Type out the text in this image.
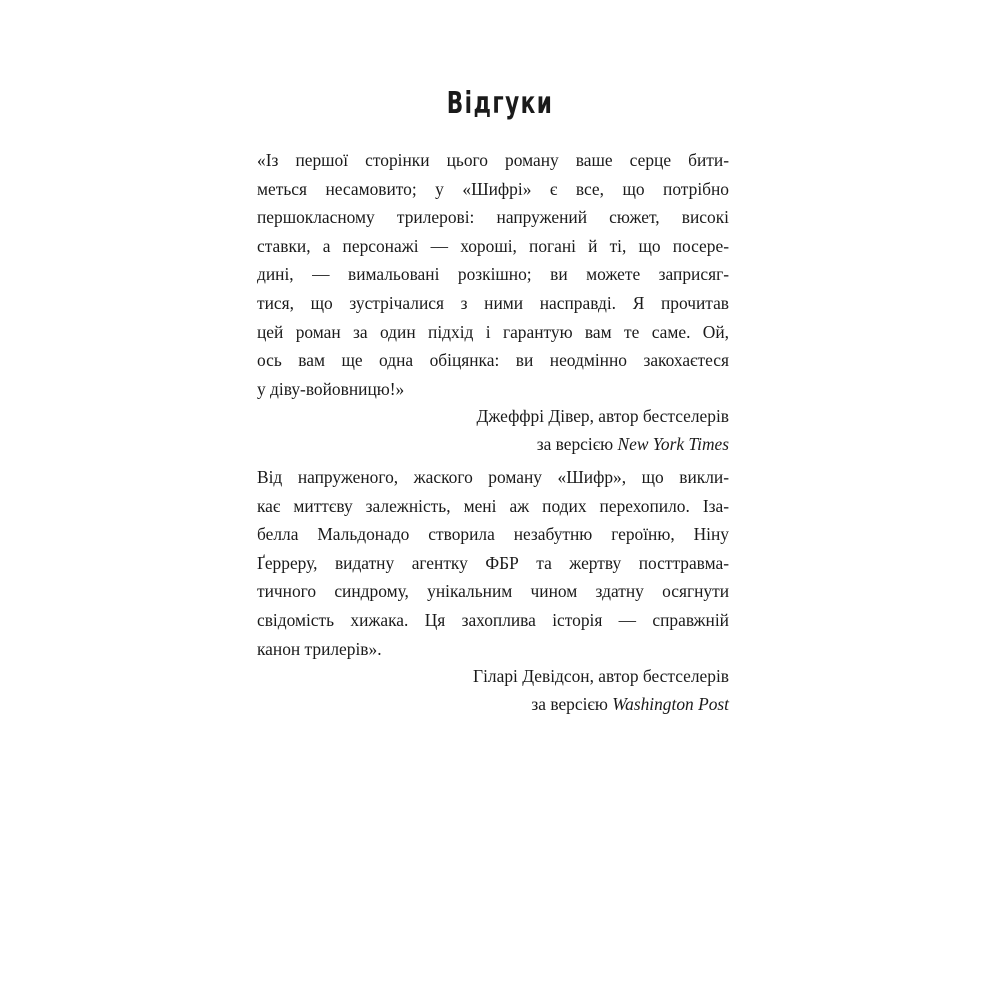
Відгуки
«Із першої сторінки цього роману ваше серце бити-
меться несамовито; у «Шифрі» є все, що потрібно
першокласному трилерові: напружений сюжет, високі
ставки, а персонажі — хороші, погані й ті, що посере-
дині, — вимальовані розкішно; ви можете заприсяг-
тися, що зустрічалися з ними насправді. Я прочитав
цей роман за один підхід і гарантую вам те саме. Ой,
ось вам ще одна обіцянка: ви неодмінно закохаєтеся
у діву-войовницю!»
Джеффрі Дівер, автор бестселерів
за версією New York Times
Від напруженого, жаского роману «Шифр», що викли-
кає миттєву залежність, мені аж подих перехопило. Іза-
белла Мальдонадо створила незабутню героїню, Ніну
Ґерреру, видатну агентку ФБР та жертву посттравма-
тичного синдрому, унікальним чином здатну осягнути
свідомість хижака. Ця захоплива історія — справжній
канон трилерів».
Гіларі Девідсон, автор бестселерів
за версією Washington Post
